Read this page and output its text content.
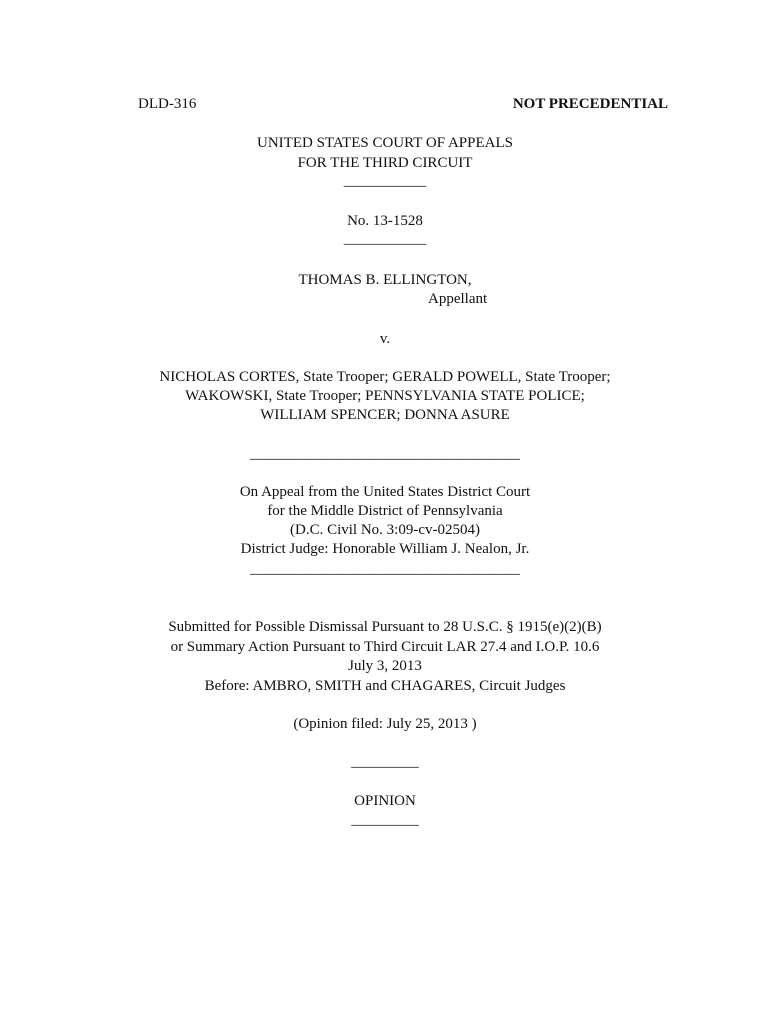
DLD-316	NOT PRECEDENTIAL
UNITED STATES COURT OF APPEALS
FOR THE THIRD CIRCUIT
___________
No. 13-1528
___________
THOMAS B. ELLINGTON,
Appellant
v.
NICHOLAS CORTES, State Trooper; GERALD POWELL, State Trooper;
WAKOWSKI, State Trooper; PENNSYLVANIA STATE POLICE;
WILLIAM SPENCER; DONNA ASURE
____________________________________
On Appeal from the United States District Court
for the Middle District of Pennsylvania
(D.C. Civil No. 3:09-cv-02504)
District Judge: Honorable William J. Nealon, Jr.
____________________________________
Submitted for Possible Dismissal Pursuant to 28 U.S.C. § 1915(e)(2)(B)
or Summary Action Pursuant to Third Circuit LAR 27.4 and I.O.P. 10.6
July 3, 2013
Before: AMBRO, SMITH and CHAGARES, Circuit Judges
(Opinion filed: July 25, 2013 )
_________
OPINION
_________
